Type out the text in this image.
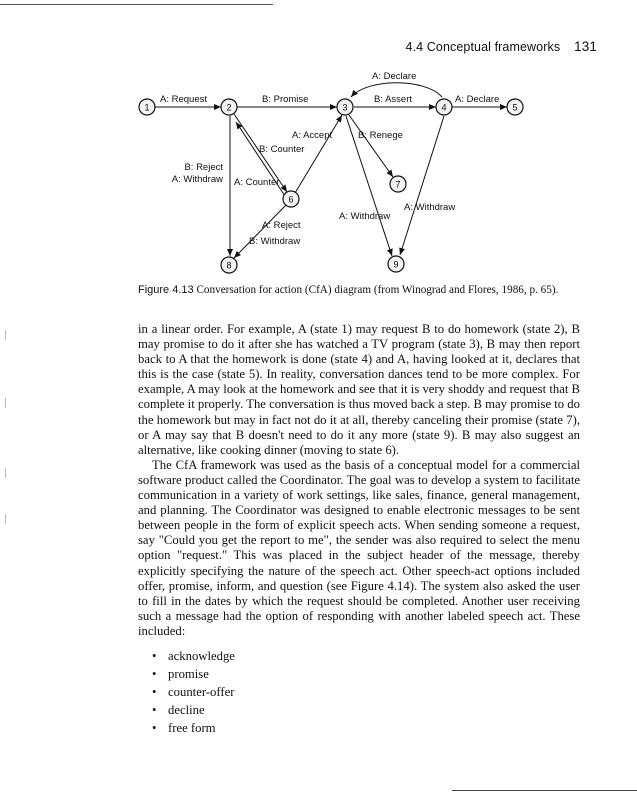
4.4 Conceptual frameworks 131
1	2	3	4	5
6
7
8	9
A: Declare
A: Request	B: Promise	B: Assert	A: Declare
A: Accept
B: Counter
B: Renege
B: Reject
A: Withdraw A: Counter
A: Withdraw
A: Withdraw
A: Reject
B: Withdraw
Figure 4.13 Conversation for action (CfA) diagram (from Winograd and Flores, 1986, p. 65).

in a linear order. For example, A (state 1) may request B to do homework (state 2), B may promise to do it after she has watched a TV program (state 3), B may then report back to A that the homework is done (state 4) and A, having looked at it, declares that this is the case (state 5). In reality, conversation dances tend to be more complex. For example, A may look at the homework and see that it is very shoddy and request that B complete it properly. The conversation is thus moved back a step. B may promise to do the homework but may in fact not do it at all, thereby canceling their promise (state 7), or A may say that B doesn't need to do it any more (state 9). B may also suggest an alternative, like cooking dinner (moving to state 6).

The CfA framework was used as the basis of a conceptual model for a commercial software product called the Coordinator. The goal was to develop a system to facilitate communication in a variety of work settings, like sales, finance, general management, and planning. The Coordinator was designed to enable electronic messages to be sent between people in the form of explicit speech acts. When sending someone a request, say "Could you get the report to me", the sender was also required to select the menu option "request." This was placed in the subject header of the message, thereby explicitly specifying the nature of the speech act. Other speech-act options included offer, promise, inform, and question (see Figure 4.14). The system also asked the user to fill in the dates by which the request should be completed. Another user receiving such a message had the option of responding with another labeled speech act. These included:

• acknowledge
• promise
• counter-offer
• decline
• free form
